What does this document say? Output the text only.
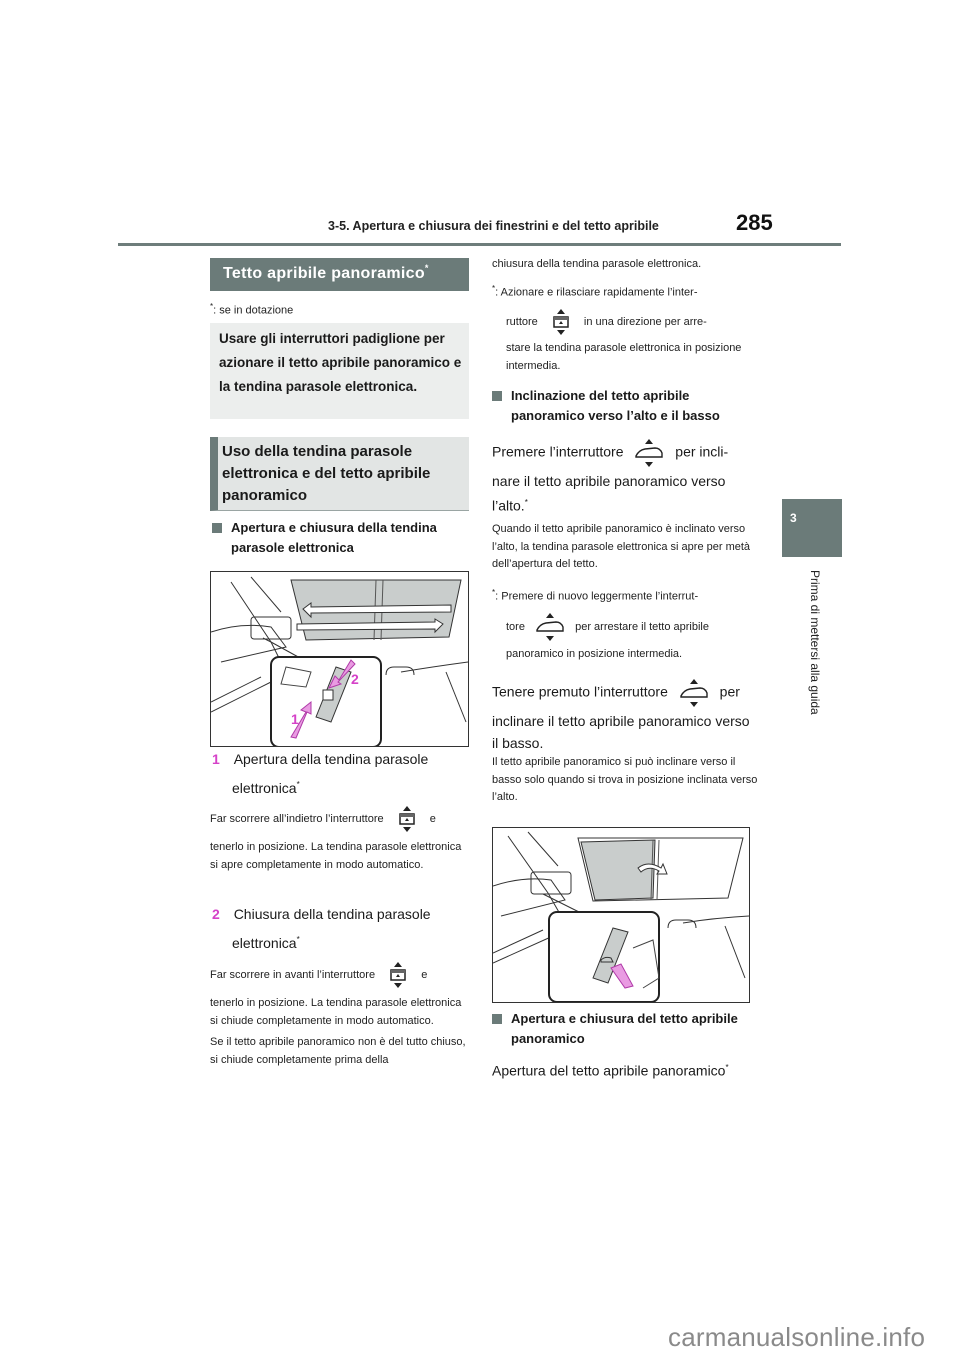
3-5. Apertura e chiusura dei finestrini e del tetto apribile	285
3
Prima di mettersi alla guida
Tetto apribile panoramico*
*: se in dotazione
Usare gli interruttori padiglione per azionare il tetto apribile panoramico e la tendina parasole elettronica.
Uso della tendina parasole elettronica e del tetto apribile panoramico
Apertura e chiusura della tendina parasole elettronica
1
2
1 Apertura della tendina parasole
elettronica*
Far scorrere all’indietro l’interruttore	e

tenerlo in posizione. La tendina parasole elettronica si apre completamente in modo automatico.
2 Chiusura della tendina parasole
elettronica*
Far scorrere in avanti l’interruttore	e

tenerlo in posizione. La tendina parasole elettronica si chiude completamente in modo automatico.
Se il tetto apribile panoramico non è del tutto chiuso, si chiude completamente prima della
chiusura della tendina parasole elettronica.
*: Azionare e rilasciare rapidamente l’inter-

ruttore	in una direzione per arre-
stare la tendina parasole elettronica in posizione intermedia.
Inclinazione del tetto apribile panoramico verso l’alto e il basso
Premere l’interruttore	per incli-
nare il tetto apribile panoramico verso l’alto.*
Quando il tetto apribile panoramico è inclinato verso l’alto, la tendina parasole elettronica si apre per metà dell’apertura del tetto.
*: Premere di nuovo leggermente l’interrut-

tore	per arrestare il tetto apribile
panoramico in posizione intermedia.
Tenere premuto l’interruttore	per
inclinare il tetto apribile panoramico verso il basso.
Il tetto apribile panoramico si può inclinare verso il basso solo quando si trova in posizione inclinata verso l’alto.
Apertura e chiusura del tetto apribile panoramico
Apertura del tetto apribile panoramico*
carmanualsonline.info
